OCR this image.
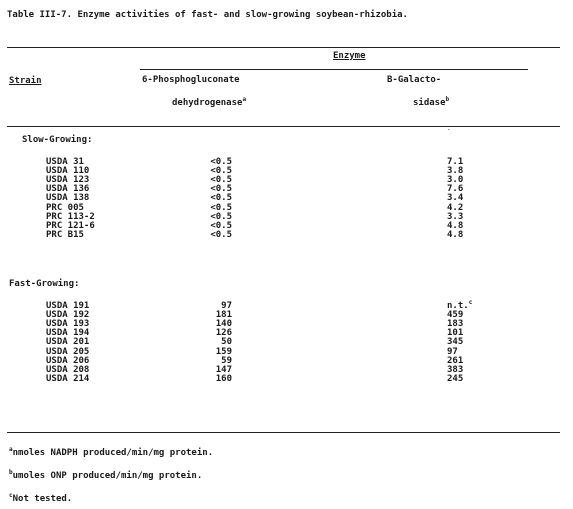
Table III-7. Enzyme activities of fast- and slow-growing soybean-rhizobia.
Enzyme
Strain	6-Phosphogluconate
dehydrogenase$^a$
B-Galacto-
sidase$^b$
-
Slow-Growing:
USDA 31	<0.5	7.1
USDA 110	<0.5	3.8
USDA 123	<0.5	3.0
USDA 136	<0.5	7.6
USDA 138	<0.5	3.4
PRC 005	<0.5	4.2
PRC 113-2	<0.5	3.3
PRC 121-6	<0.5	4.8
PRC B15	<0.5	4.8
Fast-Growing:
USDA 191	97	n.t.$^c$
USDA 192	181	459
USDA 193	140	183
USDA 194	126	101
USDA 201	50	345
USDA 205	159	97
USDA 206	59	261
USDA 208	147	383
USDA 214	160	245
$^a$nmoles NADPH produced/min/mg protein.
$^b$umoles ONP produced/min/mg protein.
$^c$Not tested.
